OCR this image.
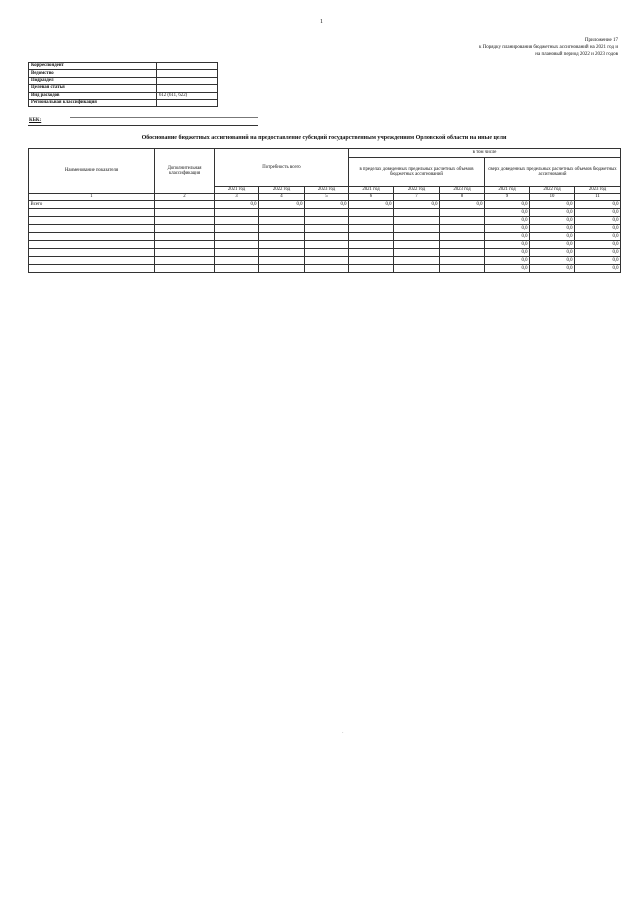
1
Приложение 17
к Порядку планирования бюджетных ассигнований на 2021 год и
на плановый период 2022 и 2023 годов
Корреспондент	
Ведомство	
Подраздел	
Целевая статья	
Вид расходов	612 (611, 622)
Региональная классификация	
КБК:
Обоснование бюджетных ассигнований на предоставление субсидий государственным учреждениям Орловской области на иные цели
Наименование показателя	Дополнительная классификация	Потребность всего			в том числе					
					в пределах доведенных предельных расчетных объемов бюджетных ассигнований			сверх доведенных предельных расчетных объемов бюджетных ассигнований		
		2021 год	2022 год	2023 год	2021 год	2022 год	2023 год	2021 год	2022 год	2023 год
1	2	3	4	5	6	7	8	9	10	11
Всего		0,0	0,0	0,0	0,0	0,0	0,0	0,0	0,0	0,0
								0,0	0,0	0,0
								0,0	0,0	0,0
								0,0	0,0	0,0
								0,0	0,0	0,0
								0,0	0,0	0,0
								0,0	0,0	0,0
								0,0	0,0	0,0
								0,0	0,0	0,0
·
